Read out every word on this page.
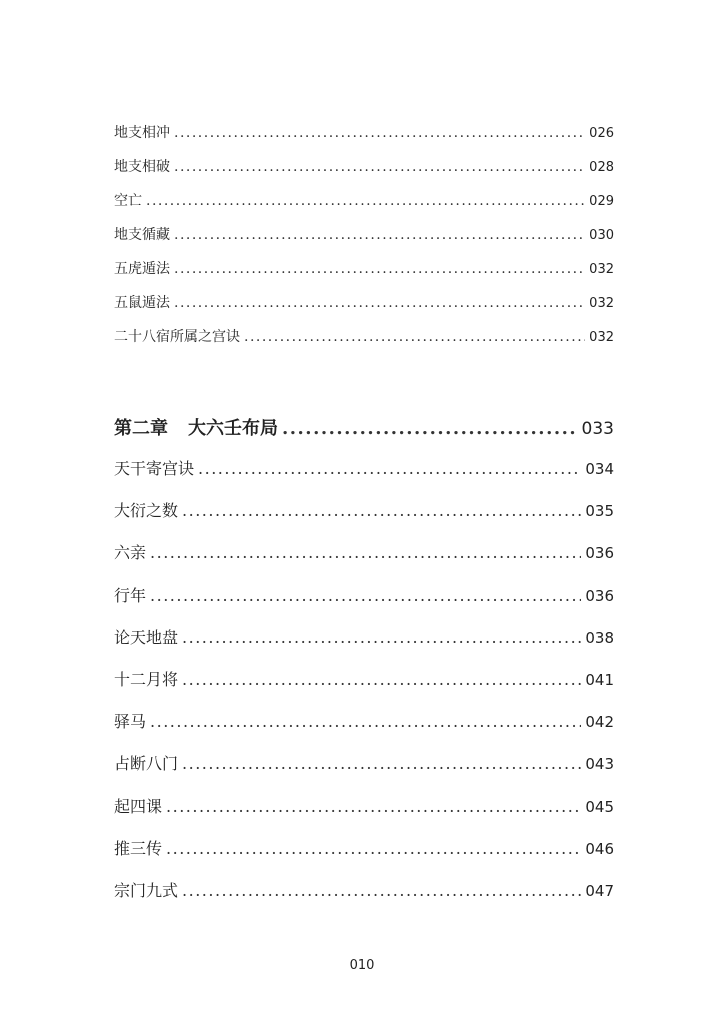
地支相冲 .....	026
地支相破 .....	028
空亡 .....	029
地支循藏 .....	030
五虎遁法 .....	032
五鼠遁法 .....	032
二十八宿所属之宫诀 .....	032
第二章 大六壬布局 .....	033
天干寄宫诀 .....	034
大衍之数 .....	035
六亲 .....	036
行年 .....	036
论天地盘 .....	038
十二月将 .....	041
驿马 .....	042
占断八门 .....	043
起四课 .....	045
推三传 .....	046
宗门九式 .....	047
010
